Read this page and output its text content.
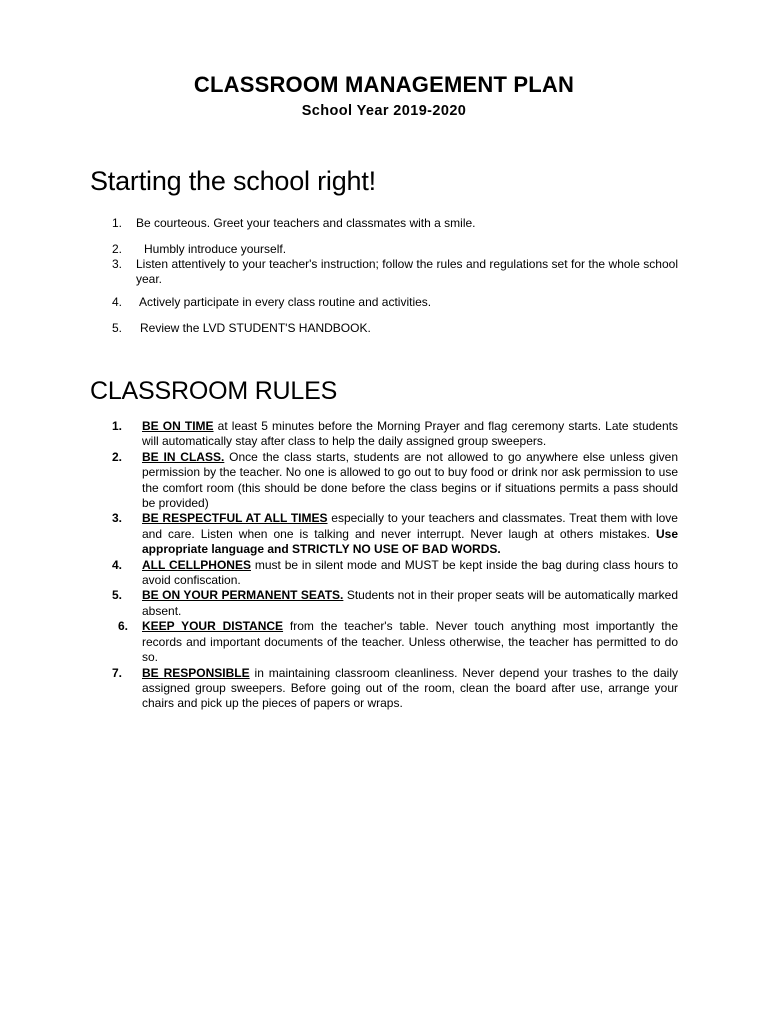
CLASSROOM MANAGEMENT PLAN
School Year 2019-2020
Starting the school right!
1. Be courteous. Greet your teachers and classmates with a smile.
2. Humbly introduce yourself.
3. Listen attentively to your teacher's instruction; follow the rules and regulations set for the whole school year.
4. Actively participate in every class routine and activities.
5. Review the LVD STUDENT'S HANDBOOK.
CLASSROOM RULES
1. BE ON TIME at least 5 minutes before the Morning Prayer and flag ceremony starts. Late students will automatically stay after class to help the daily assigned group sweepers.
2. BE IN CLASS. Once the class starts, students are not allowed to go anywhere else unless given permission by the teacher. No one is allowed to go out to buy food or drink nor ask permission to use the comfort room (this should be done before the class begins or if situations permits a pass should be provided)
3. BE RESPECTFUL AT ALL TIMES especially to your teachers and classmates. Treat them with love and care. Listen when one is talking and never interrupt. Never laugh at others mistakes. Use appropriate language and STRICTLY NO USE OF BAD WORDS.
4. ALL CELLPHONES must be in silent mode and MUST be kept inside the bag during class hours to avoid confiscation.
5. BE ON YOUR PERMANENT SEATS. Students not in their proper seats will be automatically marked absent.
6. KEEP YOUR DISTANCE from the teacher's table. Never touch anything most importantly the records and important documents of the teacher. Unless otherwise, the teacher has permitted to do so.
7. BE RESPONSIBLE in maintaining classroom cleanliness. Never depend your trashes to the daily assigned group sweepers. Before going out of the room, clean the board after use, arrange your chairs and pick up the pieces of papers or wraps.
